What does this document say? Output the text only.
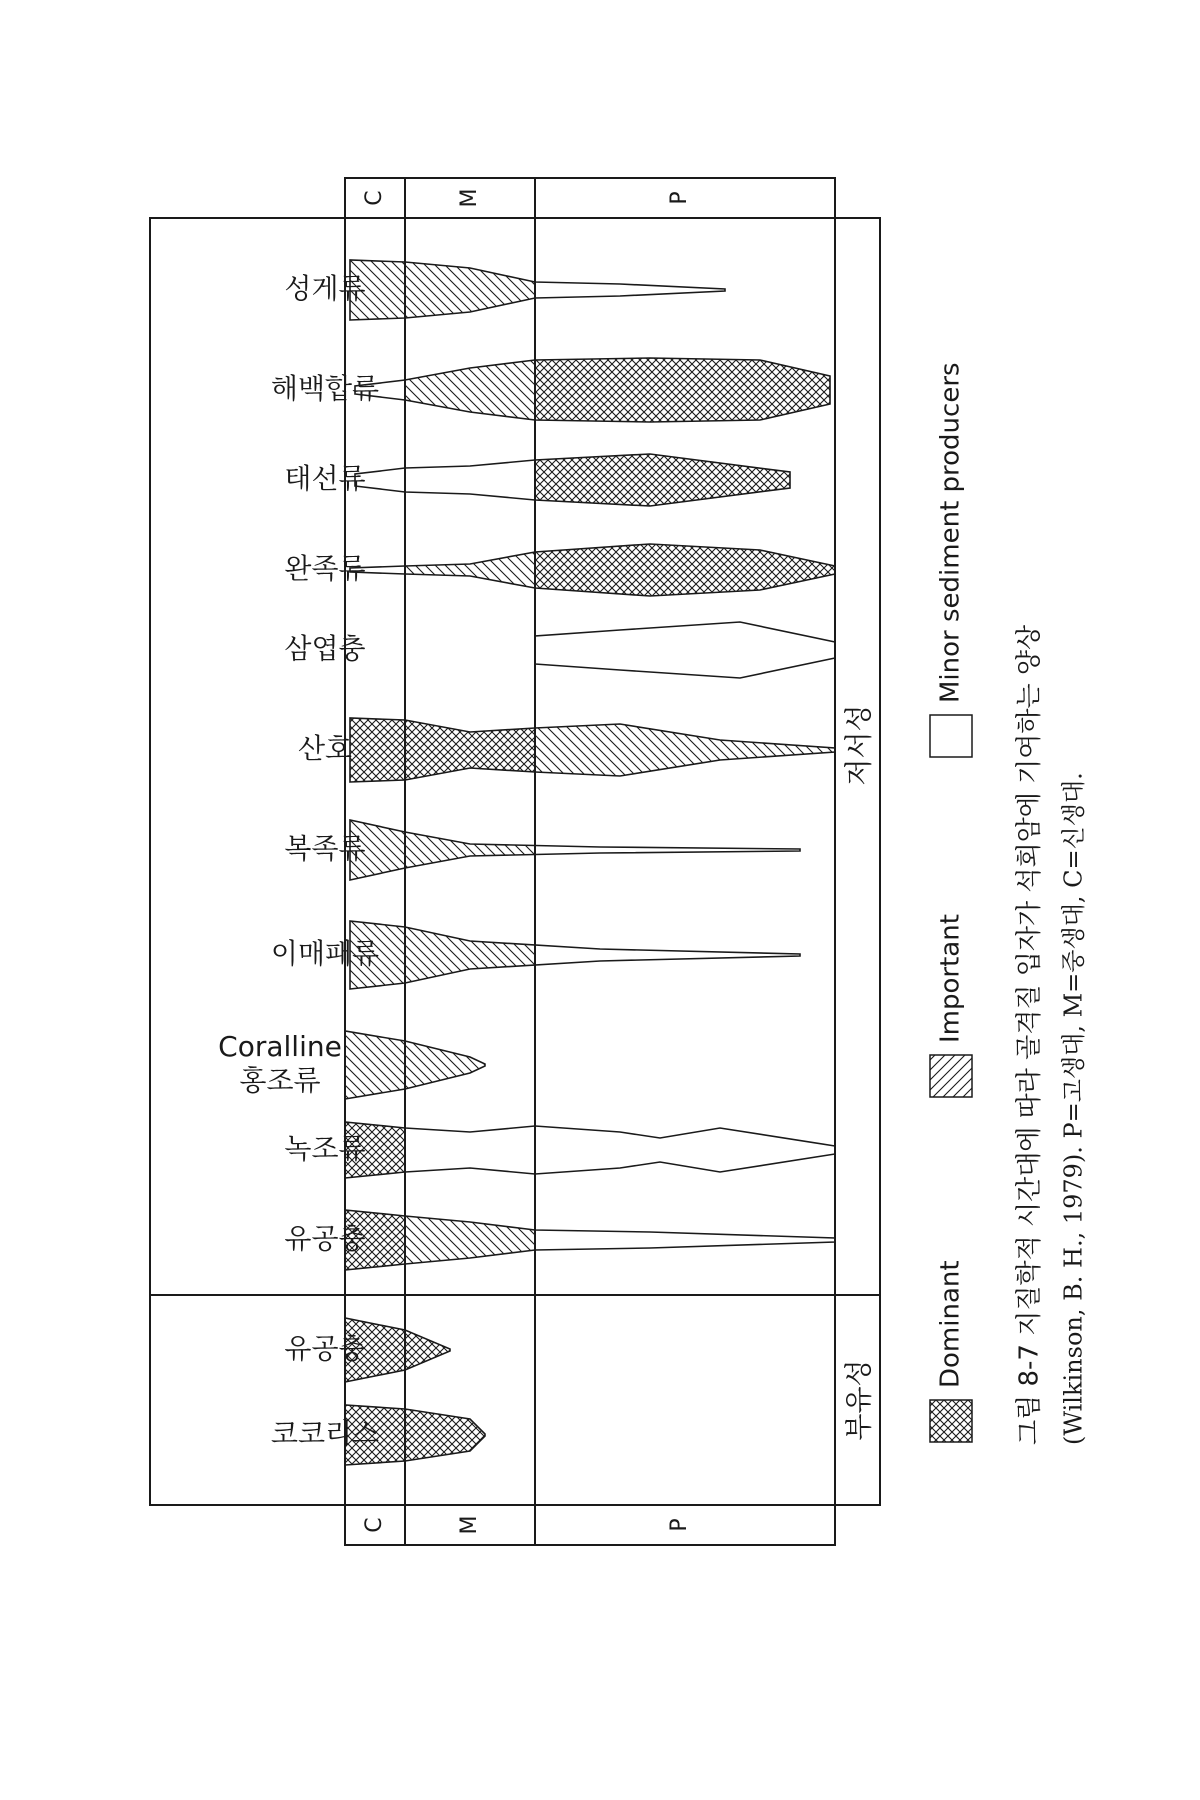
C
C
M
M
P
P
저서성
부유성
성게류
해백합류
태선류
완족류
삼엽충
산호
복족류
이매패류
Coralline 홍조류
녹조류
유공충
유공충
코코리스
Dominant
Important
Minor sediment producers
그림 8-7 지질학적 시간대에 따라 골격질 입자가 석회암에 기여하는 양상 (Wilkinson, B. H., 1979). P=고생대, M=중생대, C=신생대.
